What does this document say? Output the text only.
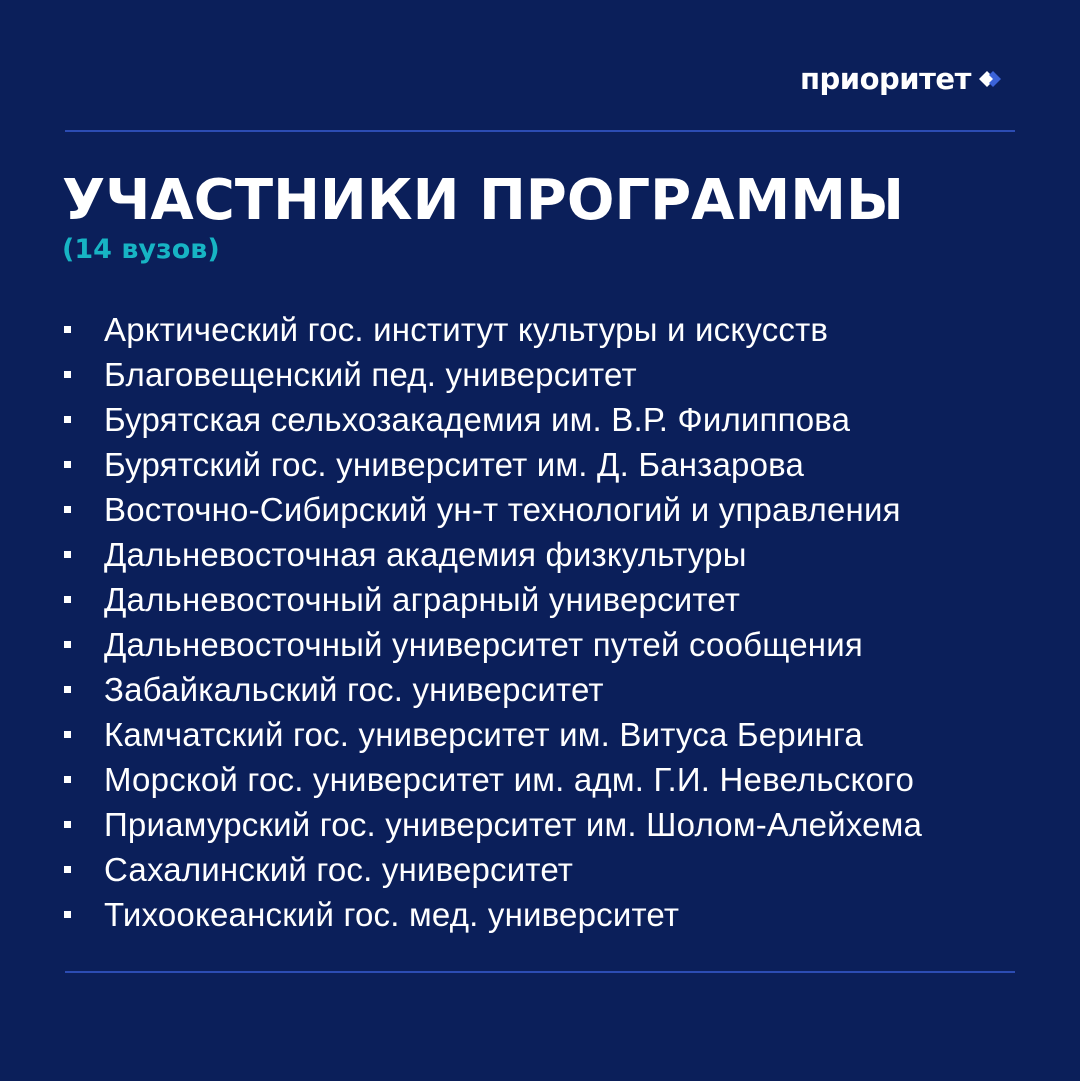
приоритет
УЧАСТНИКИ ПРОГРАММЫ
(14 вузов)
Арктический гос. институт культуры и искусств
Благовещенский пед. университет
Бурятская сельхозакадемия им. В.Р. Филиппова
Бурятский гос. университет им. Д. Банзарова
Восточно-Сибирский ун-т технологий и управления
Дальневосточная академия физкультуры
Дальневосточный аграрный университет
Дальневосточный университет путей сообщения
Забайкальский гос. университет
Камчатский гос. университет им. Витуса Беринга
Морской гос. университет им. адм. Г.И. Невельского
Приамурский гос. университет им. Шолом-Алейхема
Сахалинский гос. университет
Тихоокеанский гос. мед. университет
